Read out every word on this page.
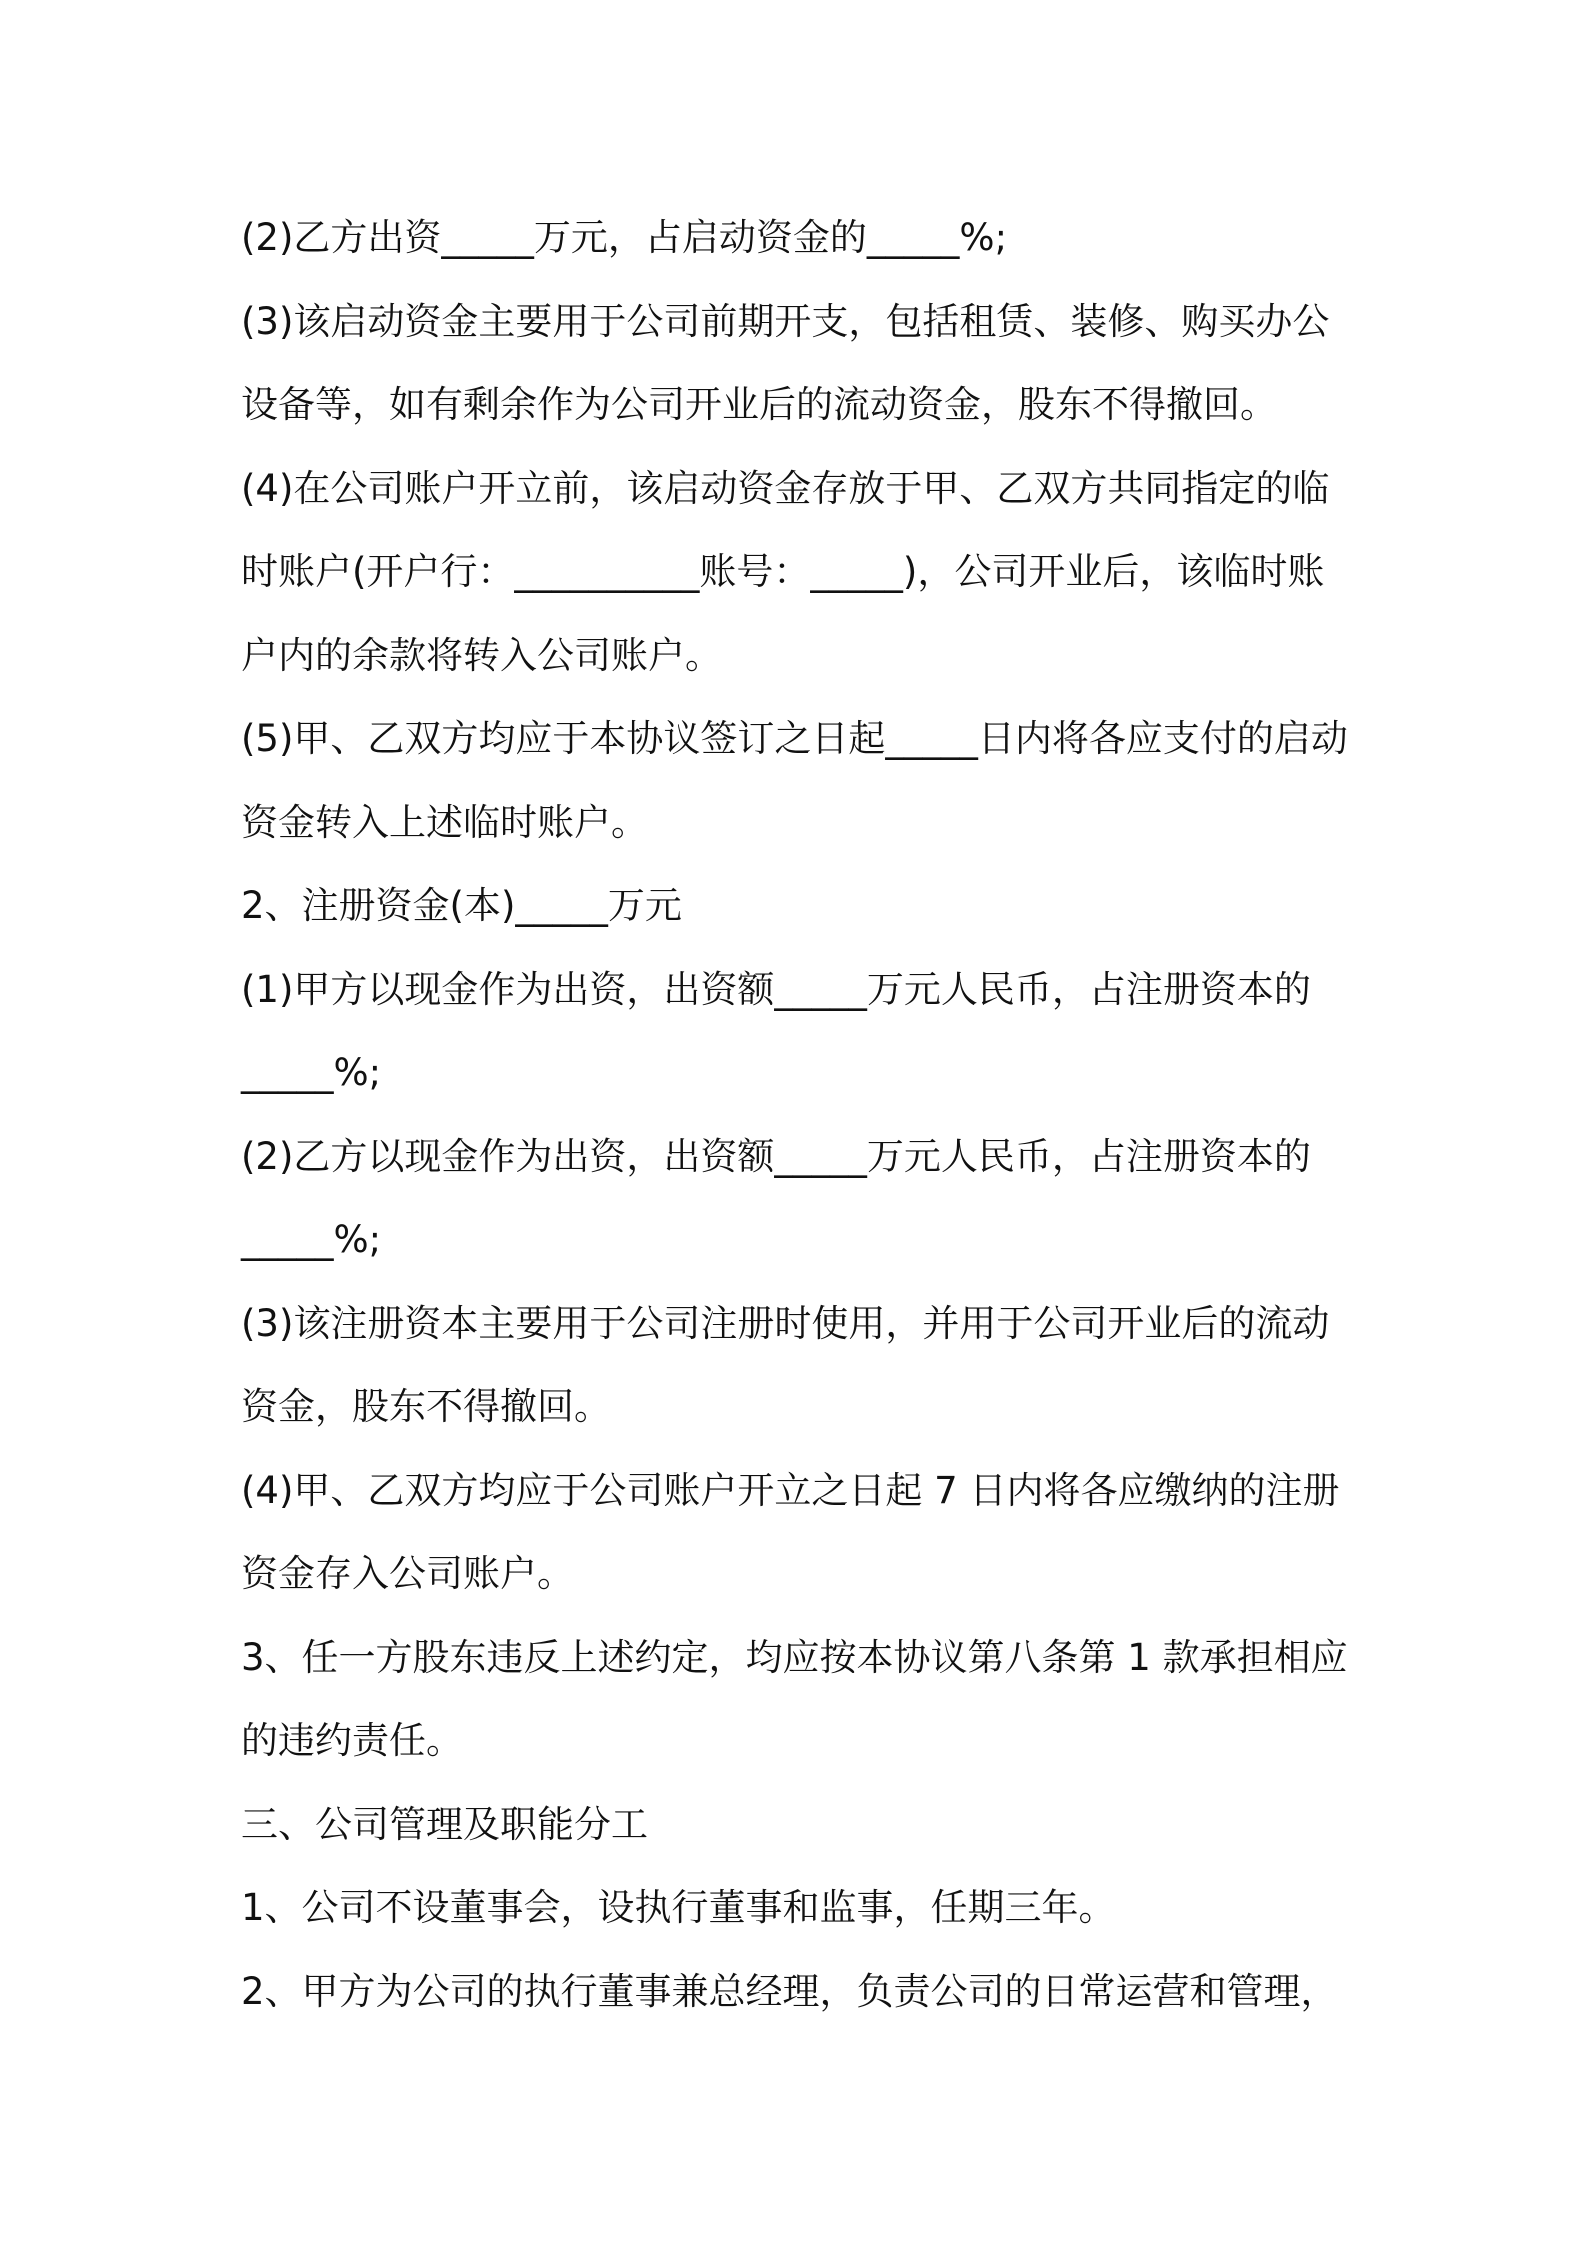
(2)乙方出资_____万元，占启动资金的_____%;
(3)该启动资金主要用于公司前期开支，包括租赁、装修、购买办公
设备等，如有剩余作为公司开业后的流动资金，股东不得撤回。
(4)在公司账户开立前，该启动资金存放于甲、乙双方共同指定的临
时账户(开户行：__________账号：_____)，公司开业后，该临时账
户内的余款将转入公司账户。
(5)甲、乙双方均应于本协议签订之日起_____日内将各应支付的启动
资金转入上述临时账户。
2、注册资金(本)_____万元
(1)甲方以现金作为出资，出资额_____万元人民币，占注册资本的
_____%;
(2)乙方以现金作为出资，出资额_____万元人民币，占注册资本的
_____%;
(3)该注册资本主要用于公司注册时使用，并用于公司开业后的流动
资金，股东不得撤回。
(4)甲、乙双方均应于公司账户开立之日起 7 日内将各应缴纳的注册
资金存入公司账户。
3、任一方股东违反上述约定，均应按本协议第八条第 1 款承担相应
的违约责任。
三、公司管理及职能分工
1、公司不设董事会，设执行董事和监事，任期三年。
2、甲方为公司的执行董事兼总经理，负责公司的日常运营和管理，
